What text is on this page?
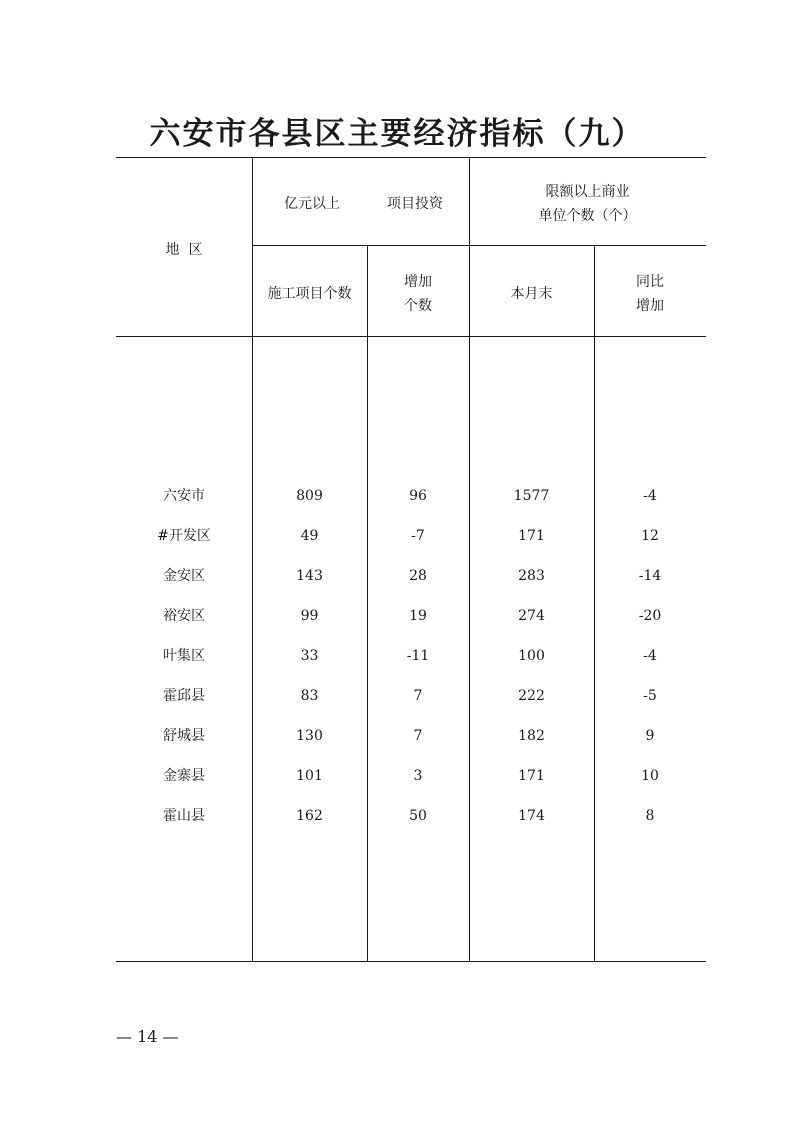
六安市各县区主要经济指标（九）
地  区
亿元以上	项目投资
限额以上商业
单位个数（个）
施工项目个数
增加
个数
本月末
同比
增加
六安市	809	96	1577	-4
#开发区	49	-7	171	12
金安区	143	28	283	-14
裕安区	99	19	274	-20
叶集区	33	-11	100	-4
霍邱县	83	7	222	-5
舒城县	130	7	182	9
金寨县	101	3	171	10
霍山县	162	50	174	8
— 14 —
